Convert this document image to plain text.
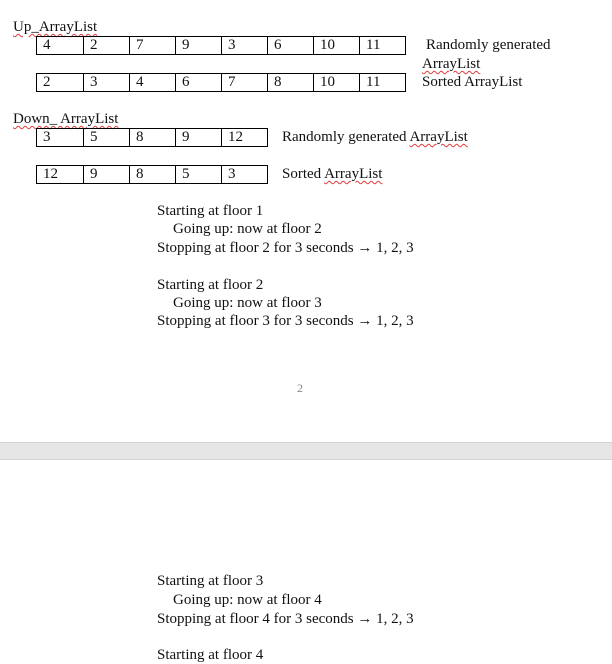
Up_ArrayList
4	2	7	9	3	6	10	11	Randomly generated
ArrayList
2	3	4	6	7	8	10	11	Sorted ArrayList
Down_ ArrayList
3	5	8	9	12	Randomly generated ArrayList
12	9	8	5	3	Sorted ArrayList
Starting at floor 1
Going up: now at floor 2
Stopping at floor 2 for 3 seconds → 1, 2, 3
Starting at floor 2
Going up: now at floor 3
Stopping at floor 3 for 3 seconds → 1, 2, 3
2
Starting at floor 3
Going up: now at floor 4
Stopping at floor 4 for 3 seconds → 1, 2, 3
Starting at floor 4
